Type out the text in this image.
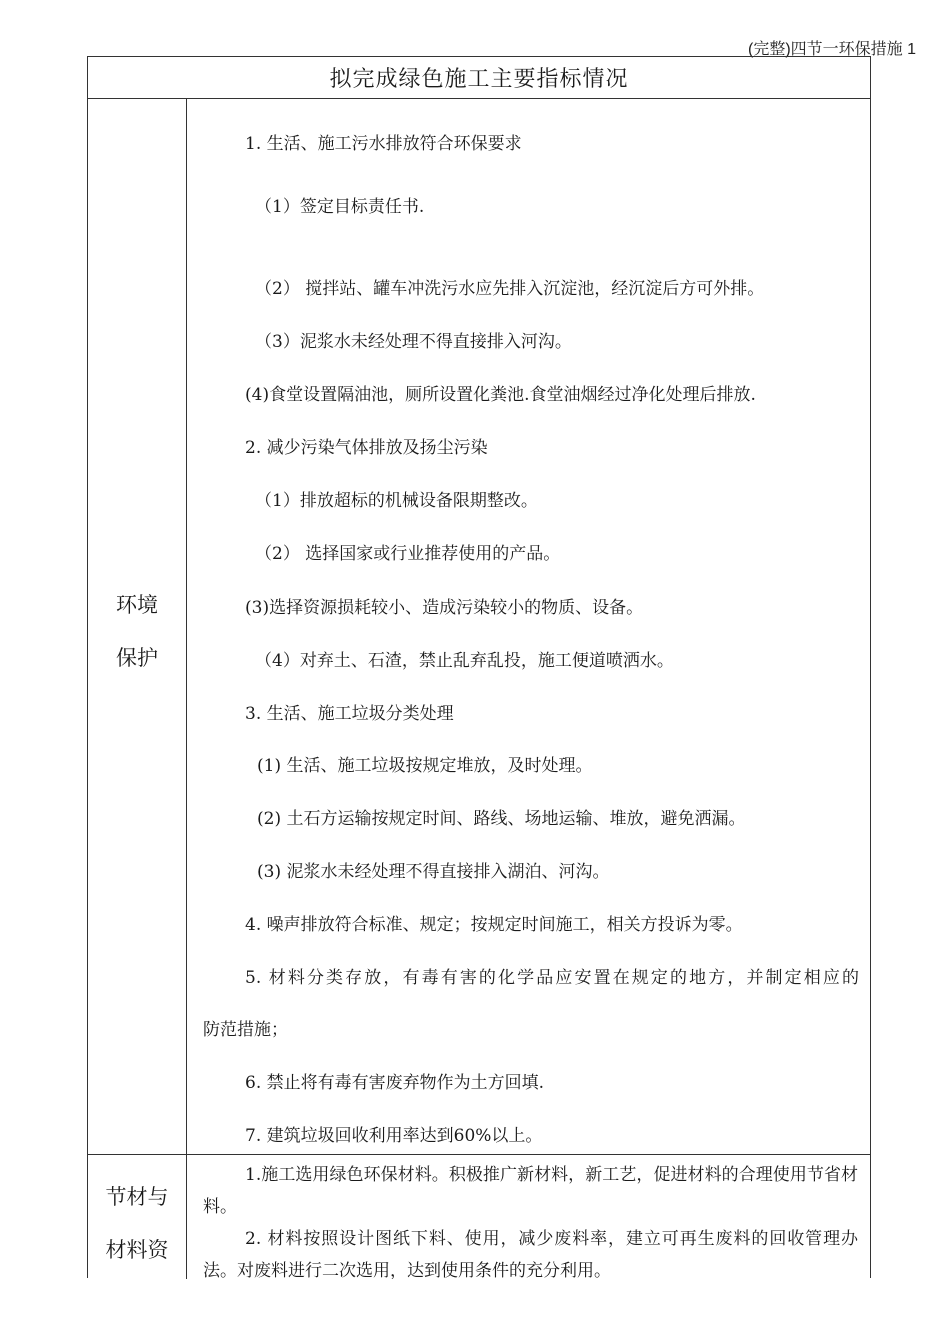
(完整)四节一环保措施 1
拟完成绿色施工主要指标情况
环境
保护
1. 生活、施工污水排放符合环保要求
（1）签定目标责任书.
（2） 搅拌站、罐车冲洗污水应先排入沉淀池，经沉淀后方可外排。
（3）泥浆水未经处理不得直接排入河沟。
(4)食堂设置隔油池，厕所设置化粪池.食堂油烟经过净化处理后排放.
2. 减少污染气体排放及扬尘污染
（1）排放超标的机械设备限期整改。
（2） 选择国家或行业推荐使用的产品。
(3)选择资源损耗较小、造成污染较小的物质、设备。
（4）对弃土、石渣，禁止乱弃乱投，施工便道喷洒水。
3. 生活、施工垃圾分类处理
(1) 生活、施工垃圾按规定堆放，及时处理。
(2) 土石方运输按规定时间、路线、场地运输、堆放，避免洒漏。
(3) 泥浆水未经处理不得直接排入湖泊、河沟。
4. 噪声排放符合标准、规定；按规定时间施工，相关方投诉为零。
5. 材料分类存放，有毒有害的化学品应安置在规定的地方，并制定相应的
防范措施；
6. 禁止将有毒有害废弃物作为土方回填.
7. 建筑垃圾回收利用率达到60%以上。
节材与
材料资
1.施工选用绿色环保材料。积极推广新材料，新工艺，促进材料的合理使用节省材料。
2. 材料按照设计图纸下料、使用，减少废料率，建立可再生废料的回收管理办法。对废料进行二次选用，达到使用条件的充分利用。
